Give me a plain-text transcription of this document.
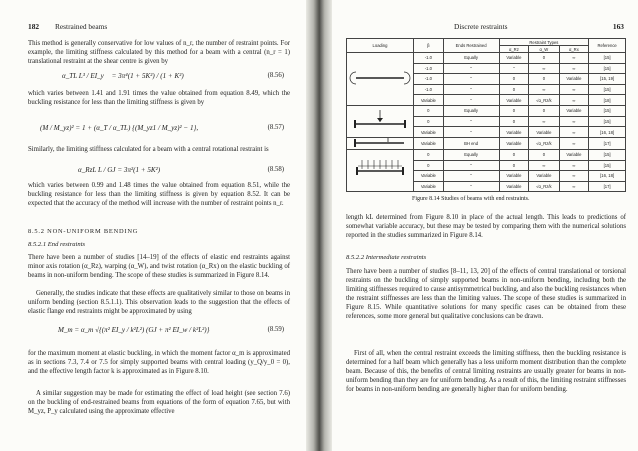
182 Restrained beams

This method is generally conservative for low values of n_r, the number of restraint points. For example, the limiting stiffness calculated by this method for a beam with a central (n_r = 1) translational restraint at the shear centre is given by

α_TL L³ / EI_y = 3π⁴(1 + 5K²) / (1 + K²)	(8.56)

which varies between 1.41 and 1.91 times the value obtained from equation 8.49, which the buckling resistance for less than the limiting stiffness is given by

(M / M_yz)² = 1 + (α_T / α_TL) {(M_yz1 / M_yz)² − 1},	(8.57)

Similarly, the limiting stiffness calculated for a beam with a central rotational restraint is

α_RzL L / GJ = 3π²(1 + 5K²)	(8.58)

which varies between 0.99 and 1.48 times the value obtained from equation 8.51, while the buckling resistance for less than the limiting stiffness is given by equation 8.52. It can be expected that the accuracy of the method will increase with the number of restraint points n_r.

8.5.2 NON-UNIFORM BENDING
8.5.2.1 End restraints

There have been a number of studies [14–19] of the effects of elastic end restraints against minor axis rotation (α_Rz), warping (α_W), and twist rotation (α_Rx) on the elastic buckling of beams in non-uniform bending. The scope of these studies is summarized in Figure 8.14.

Generally, the studies indicate that these effects are qualitatively similar to those on beams in uniform bending (section 8.5.1.1). This observation leads to the suggestion that the effects of elastic flange end restraints might be approximated by using

M_m = α_m √{(π² EI_y / k²L²) (GJ + π² EI_w / k²L²)}	(8.59)

for the maximum moment at elastic buckling, in which the moment factor α_m is approximated as in sections 7.3, 7.4 or 7.5 for simply supported beams with central loading (y_Q/y_0 = 0), and the effective length factor k is approximated as in Figure 8.10.

A similar suggestion may be made for estimating the effect of load height (see section 7.6) on the buckling of end-restrained beams from equations of the form of equation 7.65, but with M_yz, P_y calculated using the approximate effective

Discrete restraints	163
Loading	β	Ends Restrained	Restraint Types			Reference
			α_Rz	α_W	α_Rx	
	-1.0	Equally	Variable	0	∞	[15]
	-1.0	"	"	∞	∞	[15]
	-1.0	"	0	0	Variable	[15, 19]
	-1.0	"	0	∞	∞	[15]
	Variable	"	Variable	√α_Rz/k	∞	[18]
	0	Equally	0	0	Variable	[15]
	0	"	0	∞	∞	[15]
	Variable	"	Variable	Variable	∞	[16, 18]
	Variable	BH end	Variable	√α_Rz/k	∞	[17]
	0	Equally	0	0	Variable	[15]
	0	"	0	∞	∞	[15]
	Variable	"	Variable	Variable	∞	[16, 18]
	Variable	"	Variable	√α_Rz/k	∞	[17]
Figure 8.14 Studies of beams with end restraints.

length kL determined from Figure 8.10 in place of the actual length. This leads to predictions of somewhat variable accuracy, but these may be tested by comparing them with the numerical solutions reported in the studies summarized in Figure 8.14.

8.5.2.2 Intermediate restraints

There have been a number of studies [8–11, 13, 20] of the effects of central translational or torsional restraints on the buckling of simply supported beams in non-uniform bending, including both the limiting stiffnesses required to cause antisymmetrical buckling, and also the buckling resistances when the restraint stiffnesses are less than the limiting values. The scope of these studies is summarized in Figure 8.15. While quantitative solutions for many specific cases can be obtained from these references, some more general but qualitative conclusions can be drawn.

First of all, when the central restraint exceeds the limiting stiffness, then the buckling resistance is determined for a half beam which generally has a less uniform moment distribution than the complete beam. Because of this, the benefits of central limiting restraints are usually greater for beams in non-uniform bending than they are for uniform bending. As a result of this, the limiting restraint stiffnesses for beams in non-uniform bending are generally higher than for uniform bending.
